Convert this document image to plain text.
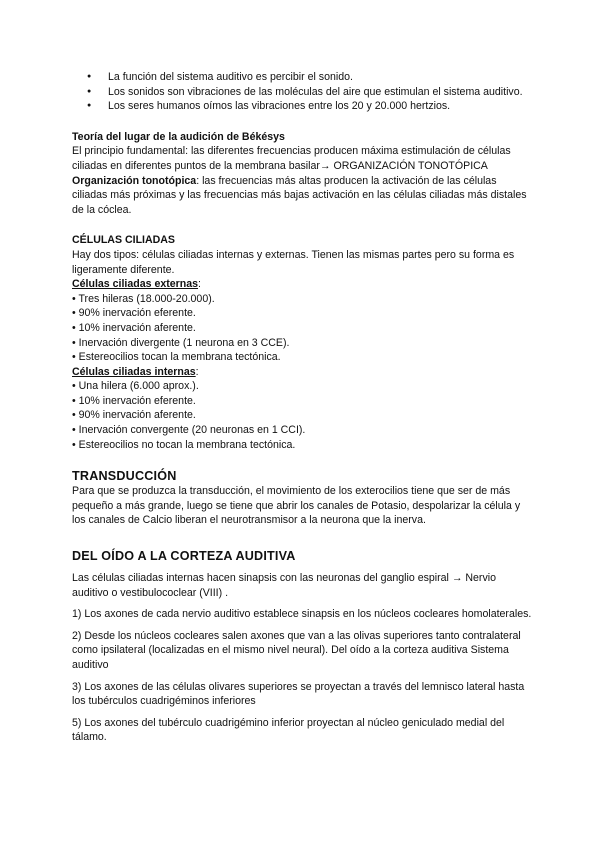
● La función del sistema auditivo es percibir el sonido.
● Los sonidos son vibraciones de las moléculas del aire que estimulan el sistema auditivo.
● Los seres humanos oímos las vibraciones entre los 20 y 20.000 hertzios.
Teoría del lugar de la audición de Békésys

El principio fundamental: las diferentes frecuencias producen máxima estimulación de células ciliadas en diferentes puntos de la membrana basilar→ ORGANIZACIÓN TONOTÓPICA

Organización tonotópica: las frecuencias más altas producen la activación de las células ciliadas más próximas y las frecuencias más bajas activación en las células ciliadas más distales de la cóclea.

CÉLULAS CILIADAS

Hay dos tipos: células ciliadas internas y externas. Tienen las mismas partes pero su forma es ligeramente diferente.

Células ciliadas externas:

• Tres hileras (18.000-20.000).

• 90% inervación eferente.

• 10% inervación aferente.

• Inervación divergente (1 neurona en 3 CCE).

• Estereocilios tocan la membrana tectónica.

Células ciliadas internas:

• Una hilera (6.000 aprox.).

• 10% inervación eferente.

• 90% inervación aferente.

• Inervación convergente (20 neuronas en 1 CCI).

• Estereocilios no tocan la membrana tectónica.

TRANSDUCCIÓN

Para que se produzca la transducción, el movimiento de los exterocilios tiene que ser de más pequeño a más grande, luego se tiene que abrir los canales de Potasio, despolarizar la célula y los canales de Calcio liberan el neurotransmisor a la neurona que la inerva.

DEL OÍDO A LA CORTEZA AUDITIVA

Las células ciliadas internas hacen sinapsis con las neuronas del ganglio espiral → Nervio auditivo o vestibulococlear (VIII) .

1) Los axones de cada nervio auditivo establece sinapsis en los núcleos cocleares homolaterales.

2) Desde los núcleos cocleares salen axones que van a las olivas superiores tanto contralateral como ipsilateral (localizadas en el mismo nivel neural). Del oído a la corteza auditiva Sistema auditivo

3) Los axones de las células olivares superiores se proyectan a través del lemnisco lateral hasta los tubérculos cuadrigéminos inferiores

5) Los axones del tubérculo cuadrigémino inferior proyectan al núcleo geniculado medial del tálamo.
